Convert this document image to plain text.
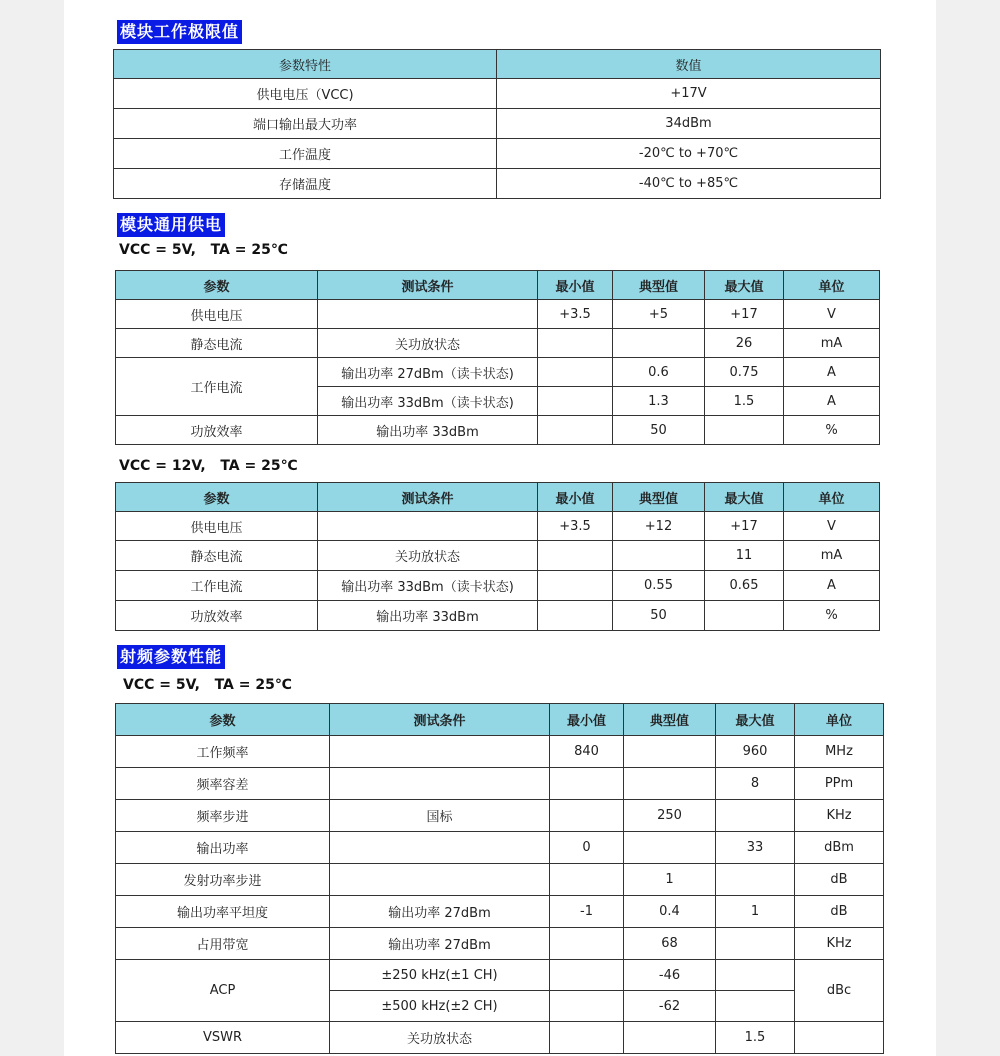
模块工作极限值
参数特性	数值
供电电压（VCC)	+17V
端口输出最大功率	34dBm
工作温度	-20℃ to +70℃
存储温度	-40℃ to +85℃
模块通用供电
VCC = 5V,   TA = 25℃
参数	测试条件	最小值	典型值	最大值	单位
供电电压		+3.5	+5	+17	V
静态电流	关功放状态			26	mA
工作电流	输出功率 27dBm（读卡状态)		0.6	0.75	A
	输出功率 33dBm（读卡状态)		1.3	1.5	A
功放效率	输出功率 33dBm		50		%
VCC = 12V,   TA = 25℃
参数	测试条件	最小值	典型值	最大值	单位
供电电压		+3.5	+12	+17	V
静态电流	关功放状态			11	mA
工作电流	输出功率 33dBm（读卡状态)		0.55	0.65	A
功放效率	输出功率 33dBm		50		%
射频参数性能
VCC = 5V,   TA = 25℃
参数	测试条件	最小值	典型值	最大值	单位
工作频率		840		960	MHz
频率容差				8	PPm
频率步进	国标		250		KHz
输出功率		0		33	dBm
发射功率步进			1		dB
输出功率平坦度	输出功率 27dBm	-1	0.4	1	dB
占用带宽	输出功率 27dBm		68		KHz
ACP	±250 kHz(±1 CH)		-46		dBc
	±500 kHz(±2 CH)		-62		
VSWR	关功放状态			1.5	
